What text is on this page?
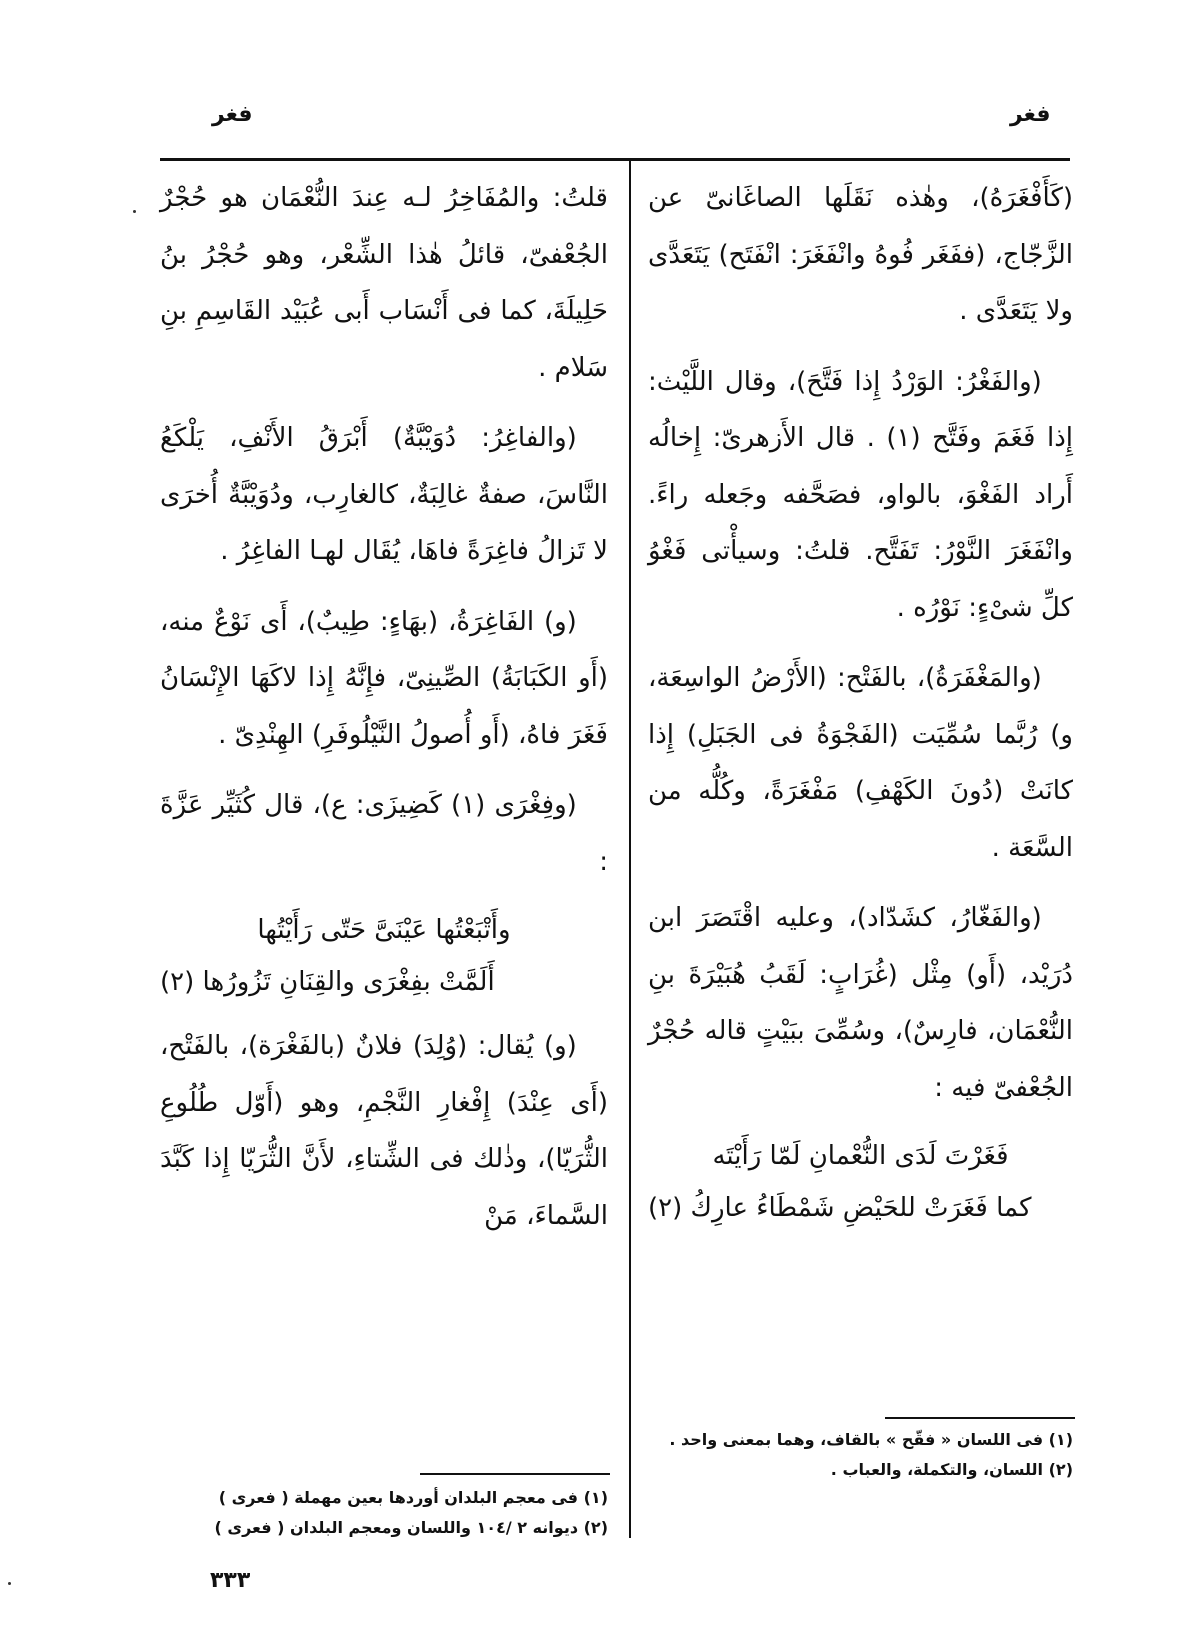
فغر	فغر

(كَأَفْغَرَهُ)، وهٰذه نَقَلَها الصاغَانىّ عن الزَّجّاج، (ففَغَر فُوهُ وانْفَغَرَ: انْفَتَح) يَتَعَدَّى ولا يَتَعَدَّى .

(والفَغْرُ: الوَرْدُ إِذا فَتَّحَ)، وقال اللَّيْث: إِذا فَغَمَ وفَتَّح (١) . قال الأَزهرىّ: إِخالُه أَراد الفَغْوَ، بالواو، فصَحَّفه وجَعله راءً. وانْفَغَرَ النَّوْرُ: تَفَتَّح. قلتُ: وسيأْتى فَغْوُ كلِّ شىْءٍ: نَوْرُه .

(والمَغْفَرَةُ)، بالفَتْح: (الأَرْضُ الواسِعَة، و) رُبَّما سُمِّيَت (الفَجْوَةُ فى الجَبَلِ) إِذا كانَتْ (دُونَ الكَهْفِ) مَفْغَرَةً، وكُلُّه من السَّعَة .

(والفَغّارُ، كشَدّاد)، وعليه اقْتَصَرَ ابن دُرَيْد، (أَو) مِثْل (غُرَابٍ: لَقَبُ هُبَيْرَةَ بنِ النُّعْمَان، فارِسٌ)، وسُمِّىَ ببَيْتٍ قاله حُجْرٌ الجُعْفىّ فيه :

فَغَرْتَ لَدَى النُّعْمانِ لَمّا رَأَيْتَه

كما فَغَرَتْ للحَيْضِ شَمْطَاءُ عارِكُ (٢)

قلتُ: والمُفَاخِرُ لـه عِندَ النُّعْمَان هو حُجْرٌ الجُعْفىّ، قائلُ هٰذا الشِّعْر، وهو حُجْرُ بنُ حَلِيلَةَ، كما فى أَنْسَاب أَبى عُبَيْد القَاسِمِ بنِ سَلام .

(والفاغِرُ: دُوَيْبَّةٌ) أَبْرَقُ الأَنْفِ، يَلْكَعُ النَّاسَ، صفةٌ غالِبَةٌ، كالغارِب، ودُوَيْبَّةٌ أُخرَى لا تَزالُ فاغِرَةً فاهَا، يُقَال لهـا الفاغِرُ .

(و) الفَاغِرَةُ، (بهَاءٍ: طِيبٌ)، أَى نَوْعٌ منه، (أَو الكَبَابَةُ) الصِّينِىّ، فإِنَّهُ إِذا لاكَهَا الإِنْسَانُ فَغَرَ فاهُ، (أَو أُصولُ النَّيْلُوفَرِ) الهِنْدِىّ .

(وفِغْرَى (١) كَضِيزَى: ع)، قال كُثَيِّر عَزَّةَ :

وأَتْبَعْتُها عَيْنَىَّ حَتّى رَأَيْتُها

أَلَمَّتْ بفِغْرَى والقِنَانِ تَزُورُها (٢)

(و) يُقال: (وُلِدَ) فلانٌ (بالفَغْرَة)، بالفَتْح، (أَى عِنْدَ) إِفْغارِ النَّجْمِ، وهو (أَوّل طُلُوعِ الثُّرَيّا)، وذٰلك فى الشِّتاءِ، لأَنَّ الثُّرَيّا إِذا كَبَّدَ السَّماءَ، مَنْ

(١) فى اللسان « فقّح » بالقاف، وهما بمعنى واحد .
(٢) اللسان، والتكملة، والعباب .
(١) فى معجم البلدان أوردها بعين مهملة ( فعرى )
(٢) ديوانه ٢ /١٠٤ واللسان ومعجم البلدان ( فعرى )
٣٣٣
